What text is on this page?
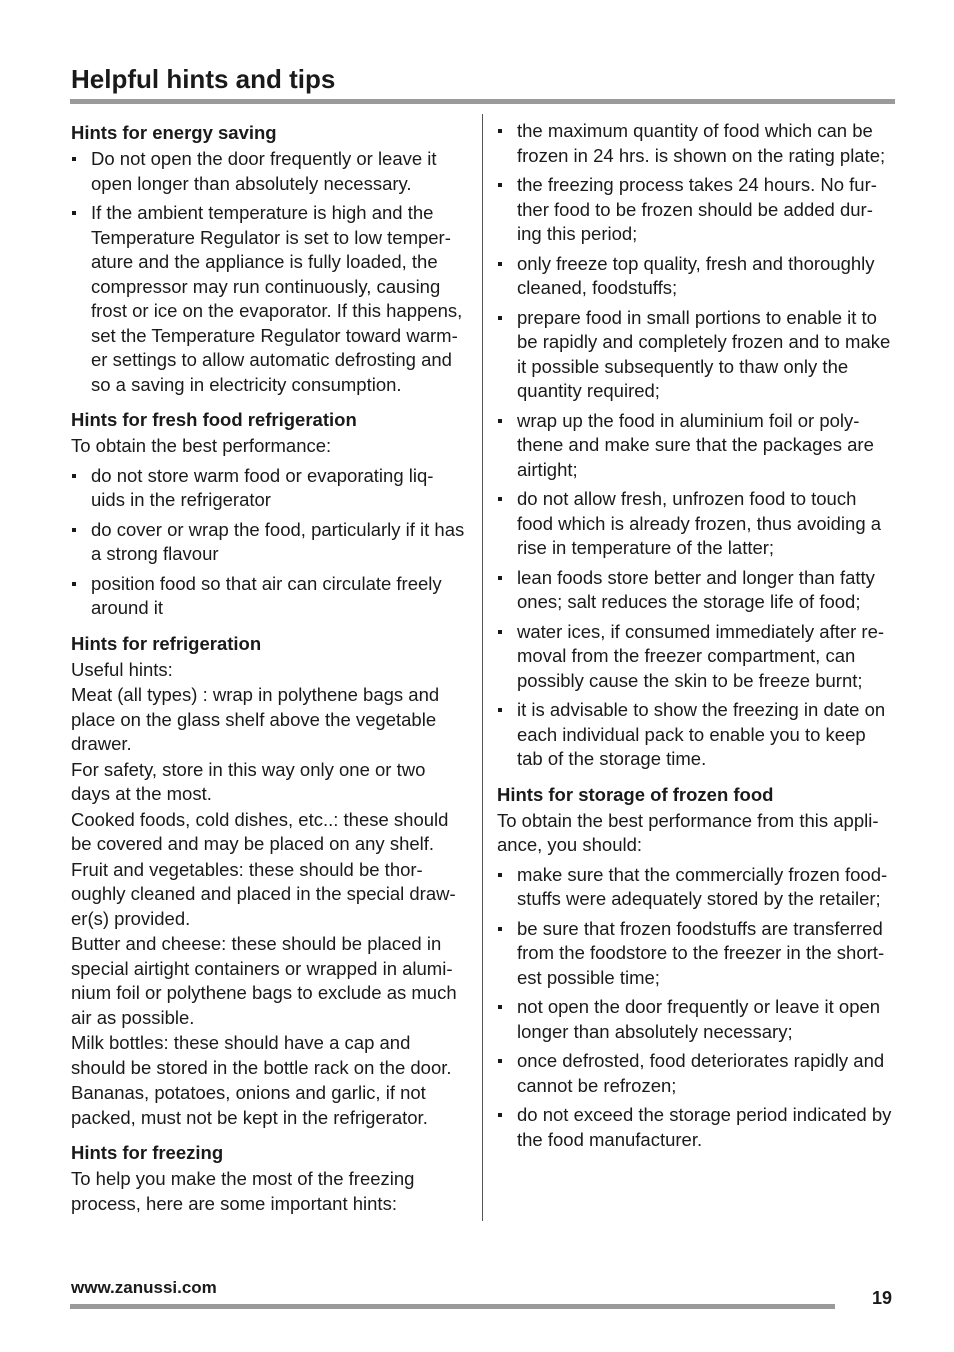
Helpful hints and tips
Hints for energy saving
Do not open the door frequently or leave it open longer than absolutely necessary.
If the ambient temperature is high and the Temperature Regulator is set to low temper- ature and the appliance is fully loaded, the compressor may run continuously, causing frost or ice on the evaporator. If this happens, set the Temperature Regulator toward warm- er settings to allow automatic defrosting and so a saving in electricity consumption.
Hints for fresh food refrigeration

To obtain the best performance:

do not store warm food or evaporating liq- uids in the refrigerator
do cover or wrap the food, particularly if it has a strong flavour
position food so that air can circulate freely around it
Hints for refrigeration

Useful hints:

Meat (all types) : wrap in polythene bags and place on the glass shelf above the vegetable drawer.

For safety, store in this way only one or two days at the most.

Cooked foods, cold dishes, etc..: these should be covered and may be placed on any shelf.

Fruit and vegetables: these should be thor- oughly cleaned and placed in the special draw- er(s) provided.

Butter and cheese: these should be placed in special airtight containers or wrapped in alumi- nium foil or polythene bags to exclude as much air as possible.

Milk bottles: these should have a cap and should be stored in the bottle rack on the door.

Bananas, potatoes, onions and garlic, if not packed, must not be kept in the refrigerator.

Hints for freezing

To help you make the most of the freezing process, here are some important hints:

the maximum quantity of food which can be frozen in 24 hrs. is shown on the rating plate;
the freezing process takes 24 hours. No fur- ther food to be frozen should be added dur- ing this period;
only freeze top quality, fresh and thoroughly cleaned, foodstuffs;
prepare food in small portions to enable it to be rapidly and completely frozen and to make it possible subsequently to thaw only the quantity required;
wrap up the food in aluminium foil or poly- thene and make sure that the packages are airtight;
do not allow fresh, unfrozen food to touch food which is already frozen, thus avoiding a rise in temperature of the latter;
lean foods store better and longer than fatty ones; salt reduces the storage life of food;
water ices, if consumed immediately after re- moval from the freezer compartment, can possibly cause the skin to be freeze burnt;
it is advisable to show the freezing in date on each individual pack to enable you to keep tab of the storage time.
Hints for storage of frozen food

To obtain the best performance from this appli- ance, you should:

make sure that the commercially frozen food- stuffs were adequately stored by the retailer;
be sure that frozen foodstuffs are transferred from the foodstore to the freezer in the short- est possible time;
not open the door frequently or leave it open longer than absolutely necessary;
once defrosted, food deteriorates rapidly and cannot be refrozen;
do not exceed the storage period indicated by the food manufacturer.
www.zanussi.com
19
